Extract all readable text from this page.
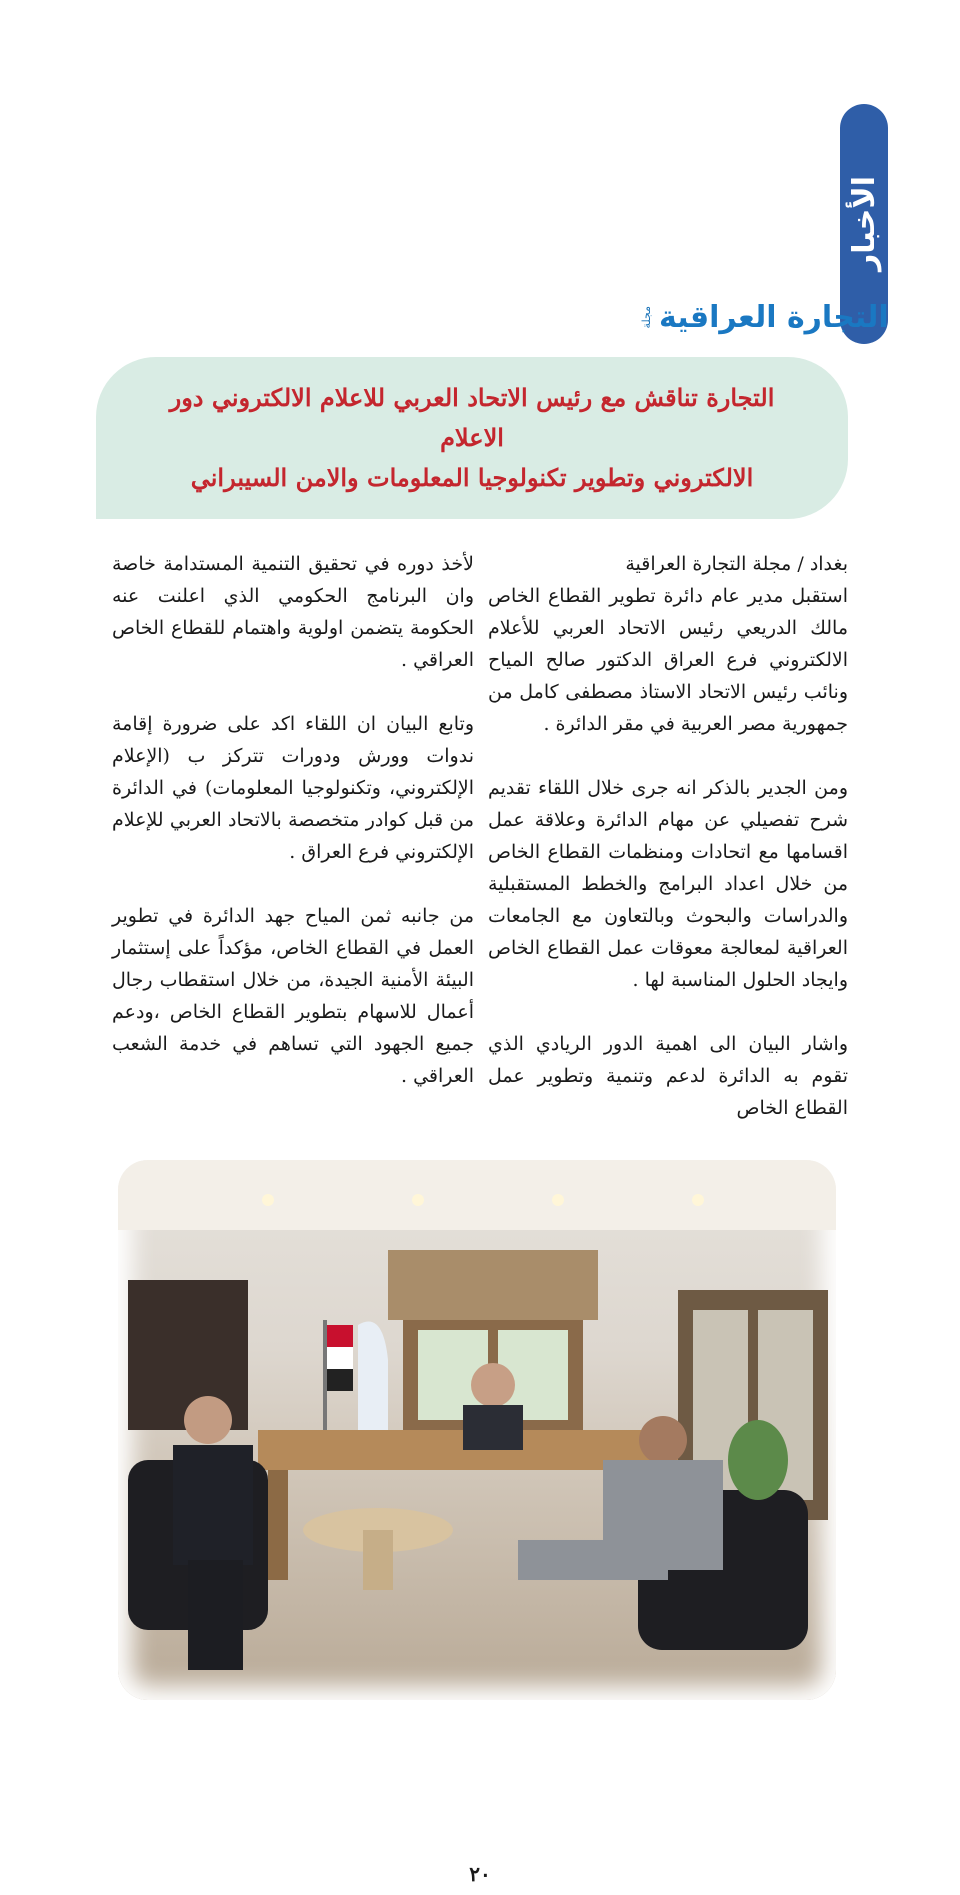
الأخبار
التجارة العراقية
مجلة
التجارة تناقش مع رئيس الاتحاد العربي للاعلام الالكتروني دور الاعلام
الالكتروني وتطوير تكنولوجيا المعلومات والامن السيبراني

بغداد / مجلة التجارة العراقية

استقبل مدير عام دائرة تطوير القطاع الخاص مالك الدريعي رئيس الاتحاد العربي للأعلام الالكتروني فرع العراق الدكتور صالح المياح ونائب رئيس الاتحاد الاستاذ مصطفى كامل من جمهورية مصر العربية في مقر الدائرة .

ومن الجدير بالذكر انه جرى خلال اللقاء تقديم شرح تفصيلي عن مهام الدائرة وعلاقة عمل اقسامها مع اتحادات ومنظمات القطاع الخاص من خلال اعداد البرامج والخطط المستقبلية والدراسات والبحوث وبالتعاون مع الجامعات العراقية لمعالجة معوقات عمل القطاع الخاص وايجاد الحلول المناسبة لها .

واشار البيان الى اهمية الدور الريادي الذي تقوم به الدائرة لدعم وتنمية وتطوير عمل القطاع الخاص

لأخذ دوره في تحقيق التنمية المستدامة خاصة وان البرنامج الحكومي الذي اعلنت عنه الحكومة يتضمن اولوية واهتمام للقطاع الخاص العراقي .

وتابع البيان ان اللقاء اكد على ضرورة إقامة ندوات وورش ودورات تتركز ب (الإعلام الإلكتروني، وتكنولوجيا المعلومات) في الدائرة من قبل كوادر متخصصة بالاتحاد العربي للإعلام الإلكتروني فرع العراق .

من جانبه ثمن المياح جهد الدائرة في تطوير العمل في القطاع الخاص، مؤكداً على إستثمار البيئة الأمنية الجيدة، من خلال استقطاب رجال أعمال للاسهام بتطوير القطاع الخاص ،ودعم جميع الجهود التي تساهم في خدمة الشعب العراقي .

٢٠
